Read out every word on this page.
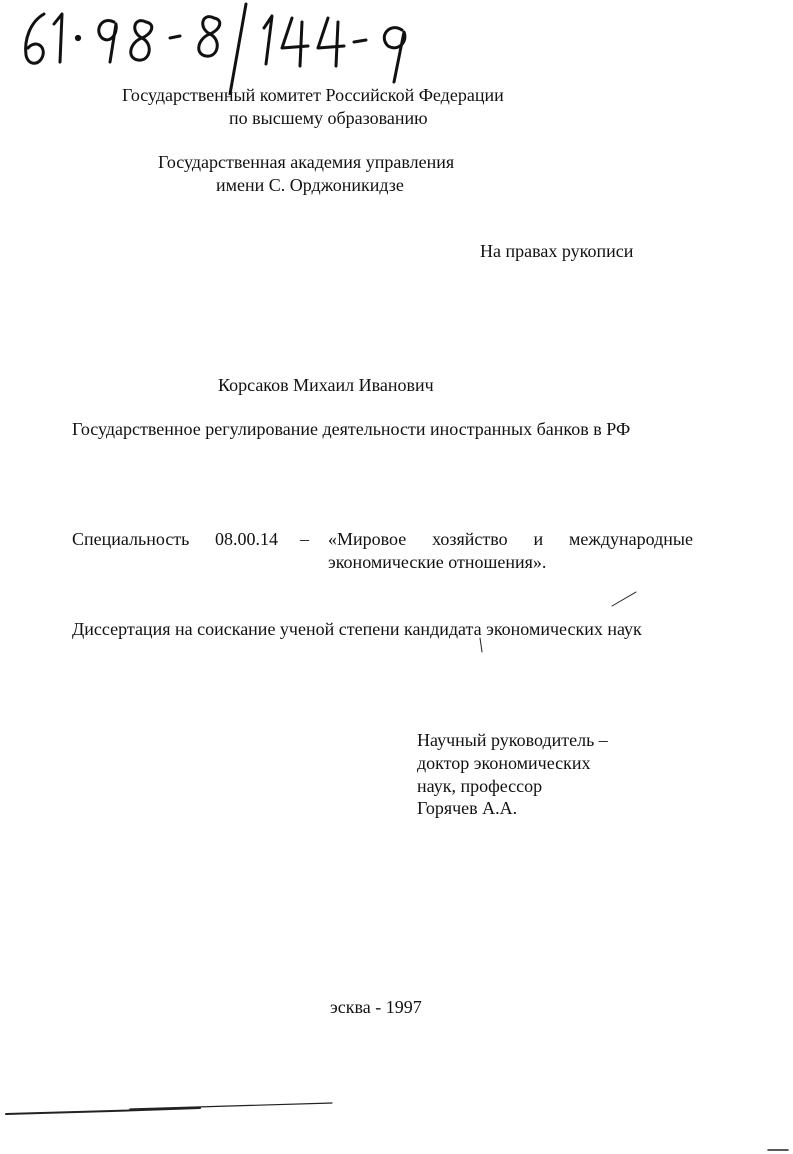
Государственный комитет Российской Федерации
по высшему образованию
Государственная академия управления
имени С. Орджоникидзе
На правах рукописи
Корсаков Михаил Иванович
Государственное регулирование деятельности иностранных банков в РФ
Специальность 08.00.14 – «Мировое хозяйство и международные
экономические отношения».
Диссертация на соискание ученой степени кандидата экономических наук
Научный руководитель –
доктор экономических
наук, профессор
Горячев А.А.
эсква - 1997
